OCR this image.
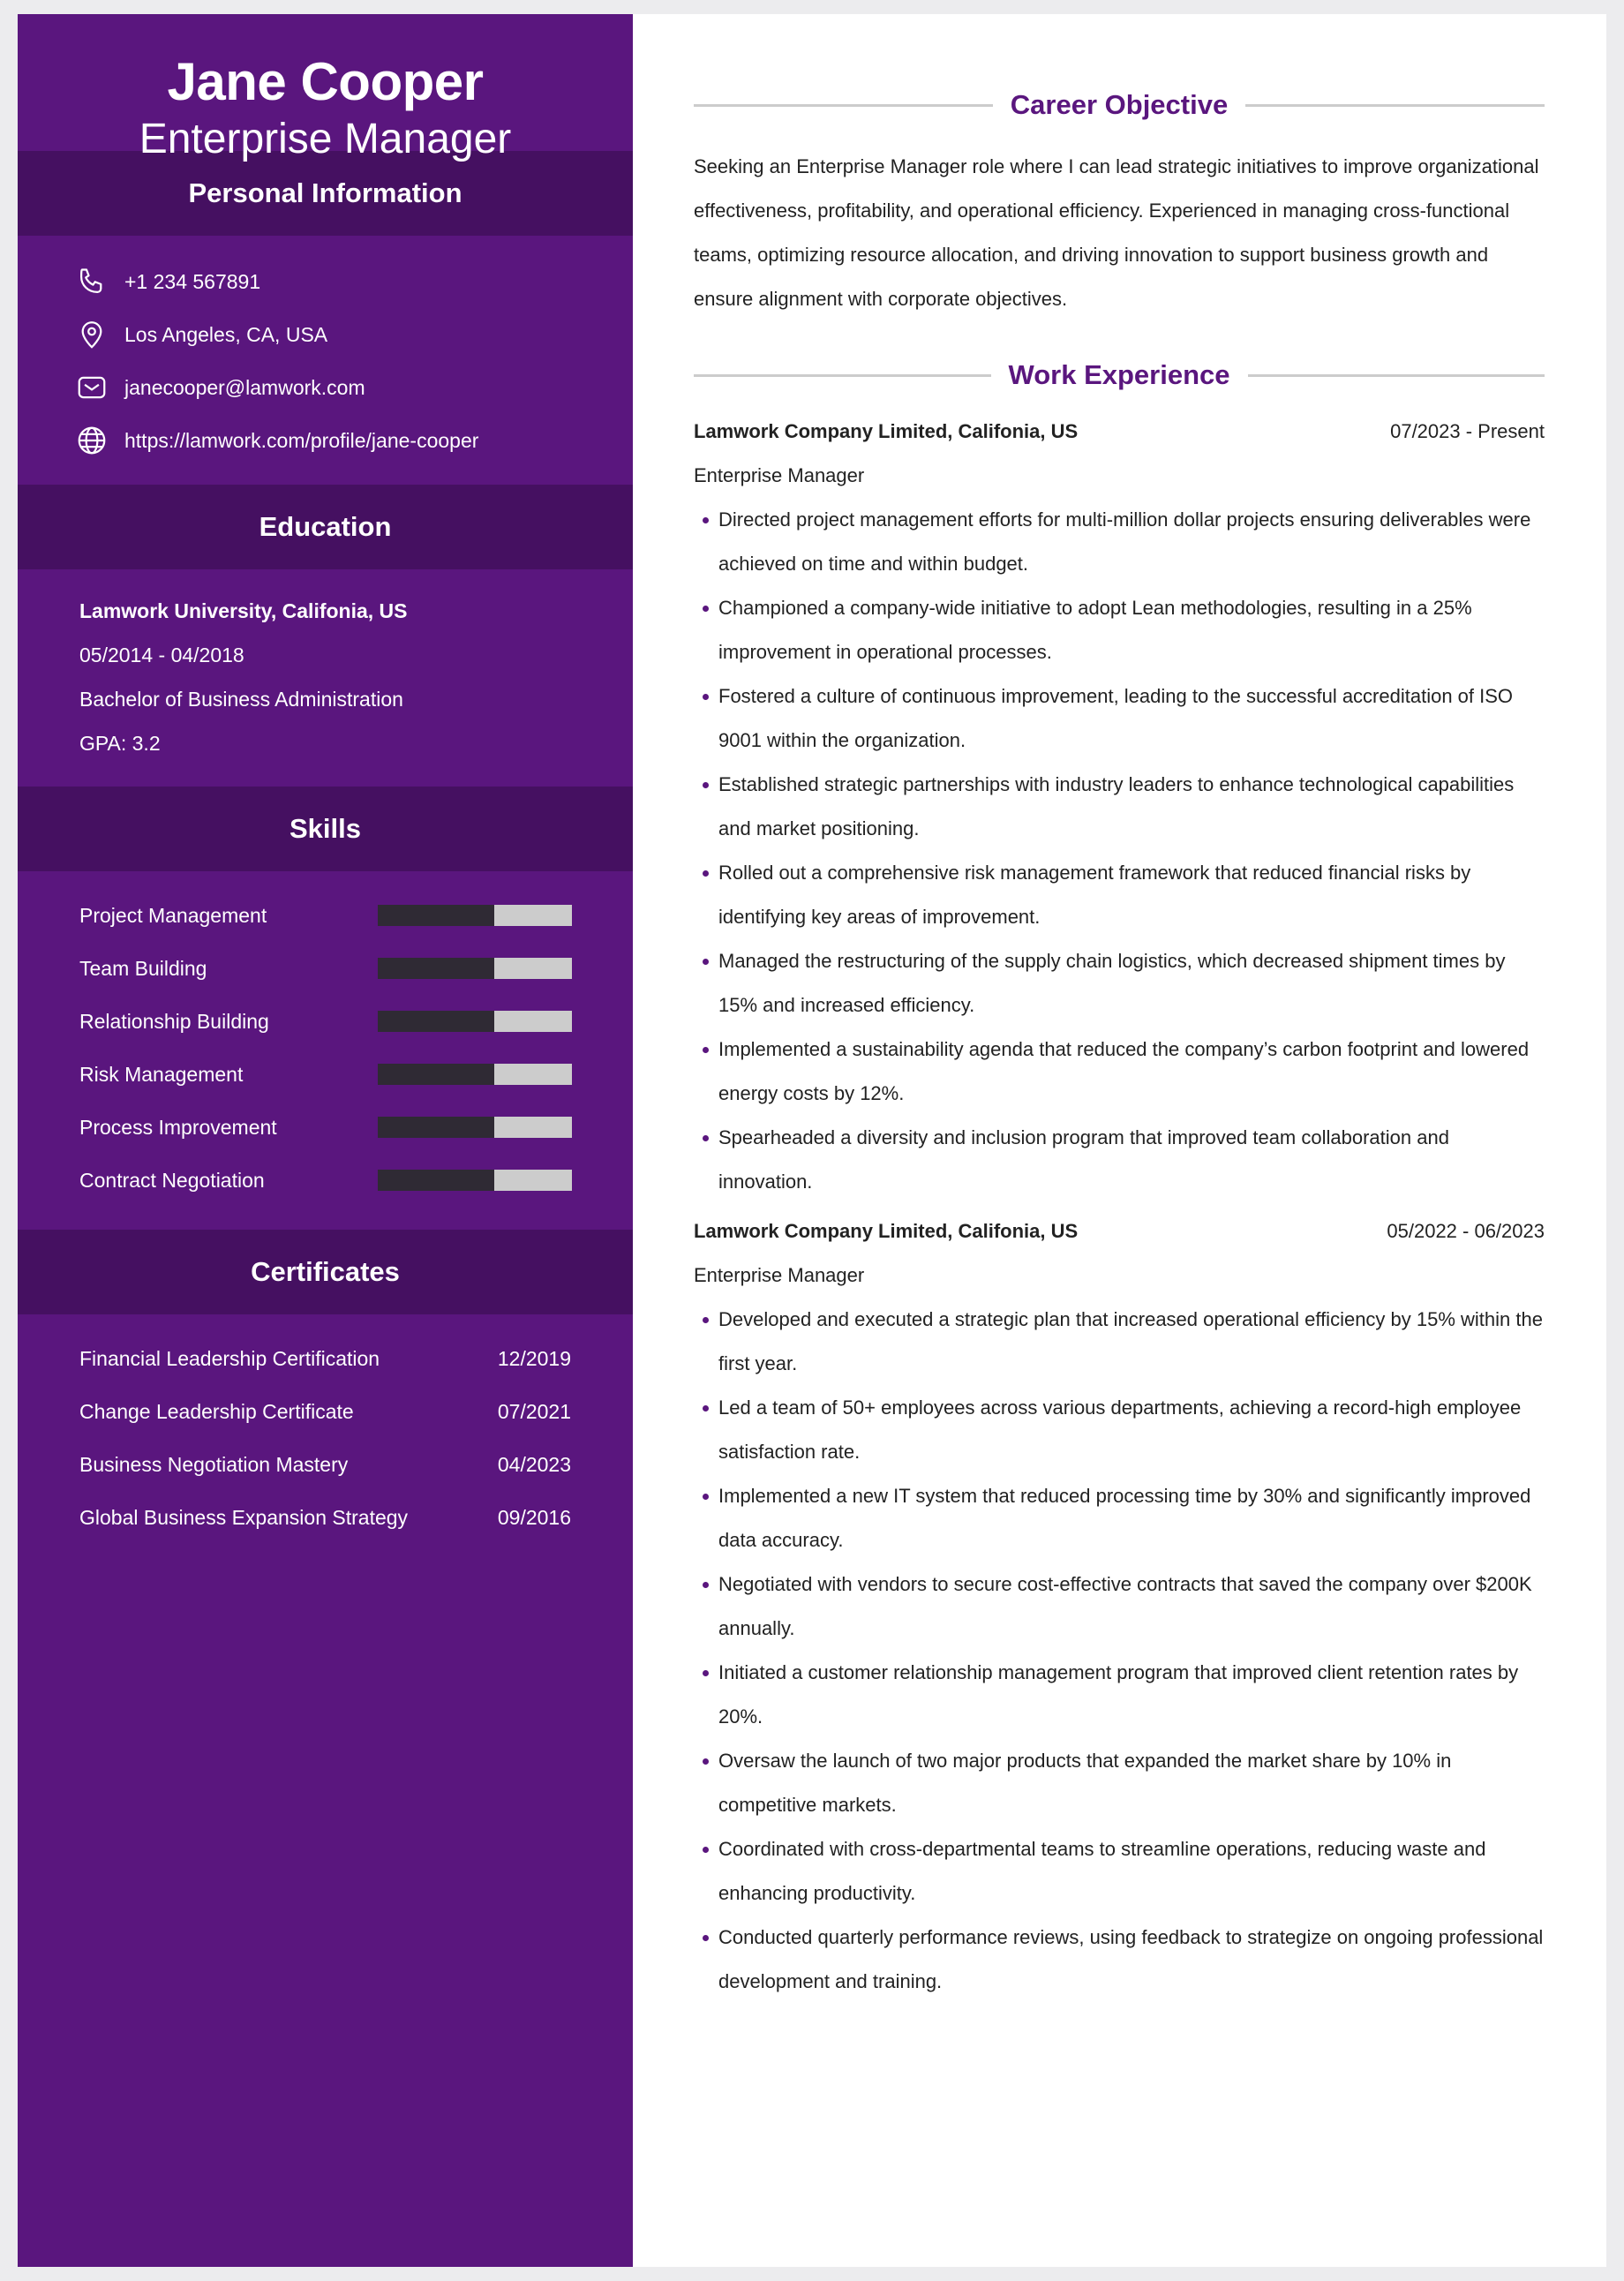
Jane Cooper
Enterprise Manager
Personal Information
+1 234 567891
Los Angeles, CA, USA
janecooper@lamwork.com
https://lamwork.com/profile/jane-cooper
Education
Lamwork University, Califonia, US
05/2014 - 04/2018
Bachelor of Business Administration
GPA: 3.2
Skills
Project Management
Team Building
Relationship Building
Risk Management
Process Improvement
Contract Negotiation
Certificates
Financial Leadership Certification	12/2019
Change Leadership Certificate	07/2021
Business Negotiation Mastery	04/2023
Global Business Expansion Strategy	09/2016
Career Objective

Seeking an Enterprise Manager role where I can lead strategic initiatives to improve organizational effectiveness, profitability, and operational efficiency. Experienced in managing cross-functional teams, optimizing resource allocation, and driving innovation to support business growth and ensure alignment with corporate objectives.

Work Experience
Lamwork Company Limited, Califonia, US	07/2023 - Present
Enterprise Manager
Directed project management efforts for multi-million dollar projects ensuring deliverables were achieved on time and within budget.
Championed a company-wide initiative to adopt Lean methodologies, resulting in a 25% improvement in operational processes.
Fostered a culture of continuous improvement, leading to the successful accreditation of ISO 9001 within the organization.
Established strategic partnerships with industry leaders to enhance technological capabilities and market positioning.
Rolled out a comprehensive risk management framework that reduced financial risks by identifying key areas of improvement.
Managed the restructuring of the supply chain logistics, which decreased shipment times by 15% and increased efficiency.
Implemented a sustainability agenda that reduced the company’s carbon footprint and lowered energy costs by 12%.
Spearheaded a diversity and inclusion program that improved team collaboration and innovation.
Lamwork Company Limited, Califonia, US	05/2022 - 06/2023
Enterprise Manager
Developed and executed a strategic plan that increased operational efficiency by 15% within the first year.
Led a team of 50+ employees across various departments, achieving a record-high employee satisfaction rate.
Implemented a new IT system that reduced processing time by 30% and significantly improved data accuracy.
Negotiated with vendors to secure cost-effective contracts that saved the company over $200K annually.
Initiated a customer relationship management program that improved client retention rates by 20%.
Oversaw the launch of two major products that expanded the market share by 10% in competitive markets.
Coordinated with cross-departmental teams to streamline operations, reducing waste and enhancing productivity.
Conducted quarterly performance reviews, using feedback to strategize on ongoing professional development and training.
